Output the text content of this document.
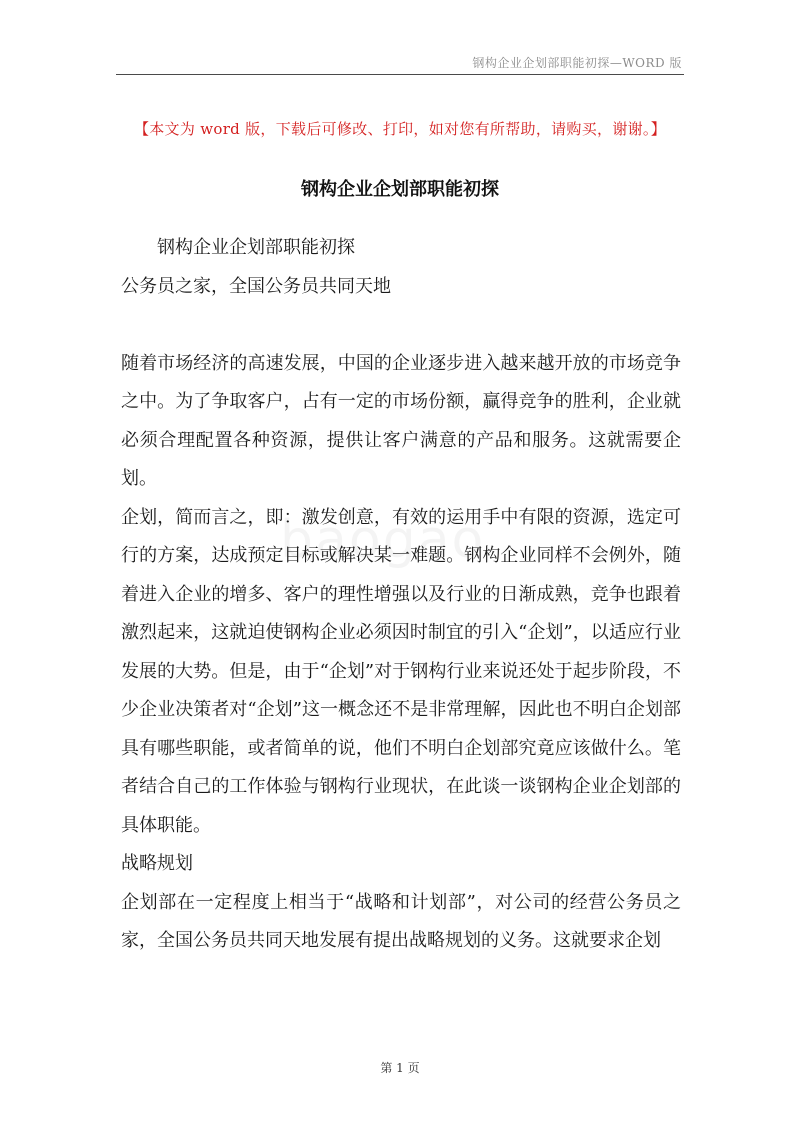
钢构企业企划部职能初探—WORD 版
【本文为 word 版，下载后可修改、打印，如对您有所帮助，请购买，谢谢。】
钢构企业企划部职能初探

钢构企业企划部职能初探

公务员之家，全国公务员共同天地

随着市场经济的高速发展，中国的企业逐步进入越来越开放的市场竞争之中。为了争取客户，占有一定的市场份额，赢得竞争的胜利，企业就必须合理配置各种资源，提供让客户满意的产品和服务。这就需要企划。

企划，简而言之，即：激发创意，有效的运用手中有限的资源，选定可行的方案，达成预定目标或解决某一难题。钢构企业同样不会例外，随着进入企业的增多、客户的理性增强以及行业的日渐成熟，竞争也跟着激烈起来，这就迫使钢构企业必须因时制宜的引入“企划”，以适应行业发展的大势。但是，由于“企划”对于钢构行业来说还处于起步阶段，不少企业决策者对“企划”这一概念还不是非常理解，因此也不明白企划部具有哪些职能，或者简单的说，他们不明白企划部究竟应该做什么。笔者结合自己的工作体验与钢构行业现状，在此谈一谈钢构企业企划部的具体职能。

战略规划

企划部在一定程度上相当于“战略和计划部”，对公司的经营公务员之家，全国公务员共同天地发展有提出战略规划的义务。这就要求企划

第 1 页
